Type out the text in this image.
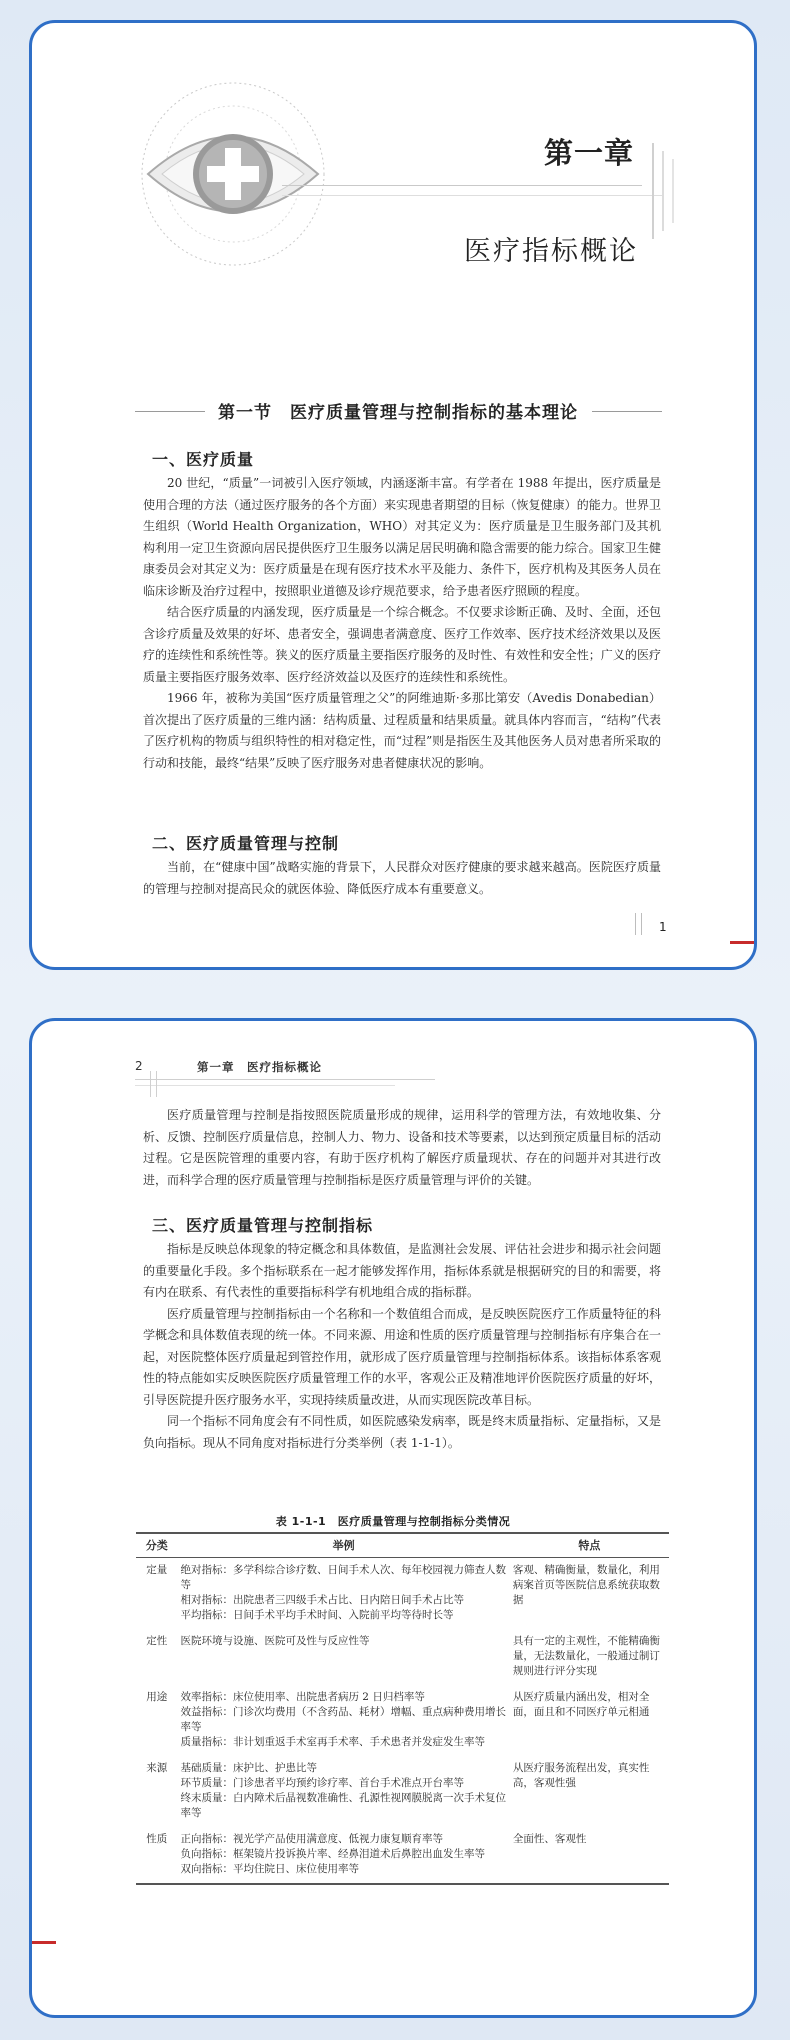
第一章
医疗指标概论
第一节　医疗质量管理与控制指标的基本理论
一、医疗质量

20 世纪，“质量”一词被引入医疗领域，内涵逐渐丰富。有学者在 1988 年提出，医疗质量是使用合理的方法（通过医疗服务的各个方面）来实现患者期望的目标（恢复健康）的能力。世界卫生组织（World Health Organization，WHO）对其定义为：医疗质量是卫生服务部门及其机构利用一定卫生资源向居民提供医疗卫生服务以满足居民明确和隐含需要的能力综合。国家卫生健康委员会对其定义为：医疗质量是在现有医疗技术水平及能力、条件下，医疗机构及其医务人员在临床诊断及治疗过程中，按照职业道德及诊疗规范要求，给予患者医疗照顾的程度。

结合医疗质量的内涵发现，医疗质量是一个综合概念。不仅要求诊断正确、及时、全面，还包含诊疗质量及效果的好坏、患者安全，强调患者满意度、医疗工作效率、医疗技术经济效果以及医疗的连续性和系统性等。狭义的医疗质量主要指医疗服务的及时性、有效性和安全性；广义的医疗质量主要指医疗服务效率、医疗经济效益以及医疗的连续性和系统性。

1966 年，被称为美国“医疗质量管理之父”的阿维迪斯·多那比第安（Avedis Donabedian）首次提出了医疗质量的三维内涵：结构质量、过程质量和结果质量。就具体内容而言，“结构”代表了医疗机构的物质与组织特性的相对稳定性，而“过程”则是指医生及其他医务人员对患者所采取的行动和技能，最终“结果”反映了医疗服务对患者健康状况的影响。

二、医疗质量管理与控制

当前，在“健康中国”战略实施的背景下，人民群众对医疗健康的要求越来越高。医院医疗质量的管理与控制对提高民众的就医体验、降低医疗成本有重要意义。

1
2	第一章　医疗指标概论

医疗质量管理与控制是指按照医院质量形成的规律，运用科学的管理方法，有效地收集、分析、反馈、控制医疗质量信息，控制人力、物力、设备和技术等要素，以达到预定质量目标的活动过程。它是医院管理的重要内容，有助于医疗机构了解医疗质量现状、存在的问题并对其进行改进，而科学合理的医疗质量管理与控制指标是医疗质量管理与评价的关键。

三、医疗质量管理与控制指标

指标是反映总体现象的特定概念和具体数值，是监测社会发展、评估社会进步和揭示社会问题的重要量化手段。多个指标联系在一起才能够发挥作用，指标体系就是根据研究的目的和需要，将有内在联系、有代表性的重要指标科学有机地组合成的指标群。

医疗质量管理与控制指标由一个名称和一个数值组合而成，是反映医院医疗工作质量特征的科学概念和具体数值表现的统一体。不同来源、用途和性质的医疗质量管理与控制指标有序集合在一起，对医院整体医疗质量起到管控作用，就形成了医疗质量管理与控制指标体系。该指标体系客观性的特点能如实反映医院医疗质量管理工作的水平，客观公正及精准地评价医院医疗质量的好坏，引导医院提升医疗服务水平，实现持续质量改进，从而实现医院改革目标。

同一个指标不同角度会有不同性质，如医院感染发病率，既是终末质量指标、定量指标，又是负向指标。现从不同角度对指标进行分类举例（表 1-1-1）。

表 1-1-1　医疗质量管理与控制指标分类情况
分类	举例	特点
定量	绝对指标：多学科综合诊疗数、日间手术人次、每年校园视力筛查人数等
相对指标：出院患者三四级手术占比、日内陪日间手术占比等
平均指标：日间手术平均手术时间、入院前平均等待时长等	客观、精确衡量，数量化，利用病案首页等医院信息系统获取数据
定性	医院环境与设施、医院可及性与反应性等	具有一定的主观性，不能精确衡量，无法数量化，一般通过制订规则进行评分实现
用途	效率指标：床位使用率、出院患者病历 2 日归档率等
效益指标：门诊次均费用（不含药品、耗材）增幅、重点病种费用增长率等
质量指标：非计划重返手术室再手术率、手术患者并发症发生率等	从医疗质量内涵出发，相对全面，面且和不同医疗单元相通
来源	基础质量：床护比、护患比等
环节质量：门诊患者平均预约诊疗率、首台手术准点开台率等
终末质量：白内障术后晶视数准确性、孔源性视网膜脱离一次手术复位率等	从医疗服务流程出发，真实性高，客观性强
性质	正向指标：视光学产品使用满意度、低视力康复顺育率等
负向指标：框架镜片投诉换片率、经鼻泪道术后鼻腔出血发生率等
双向指标：平均住院日、床位使用率等	全面性、客观性
